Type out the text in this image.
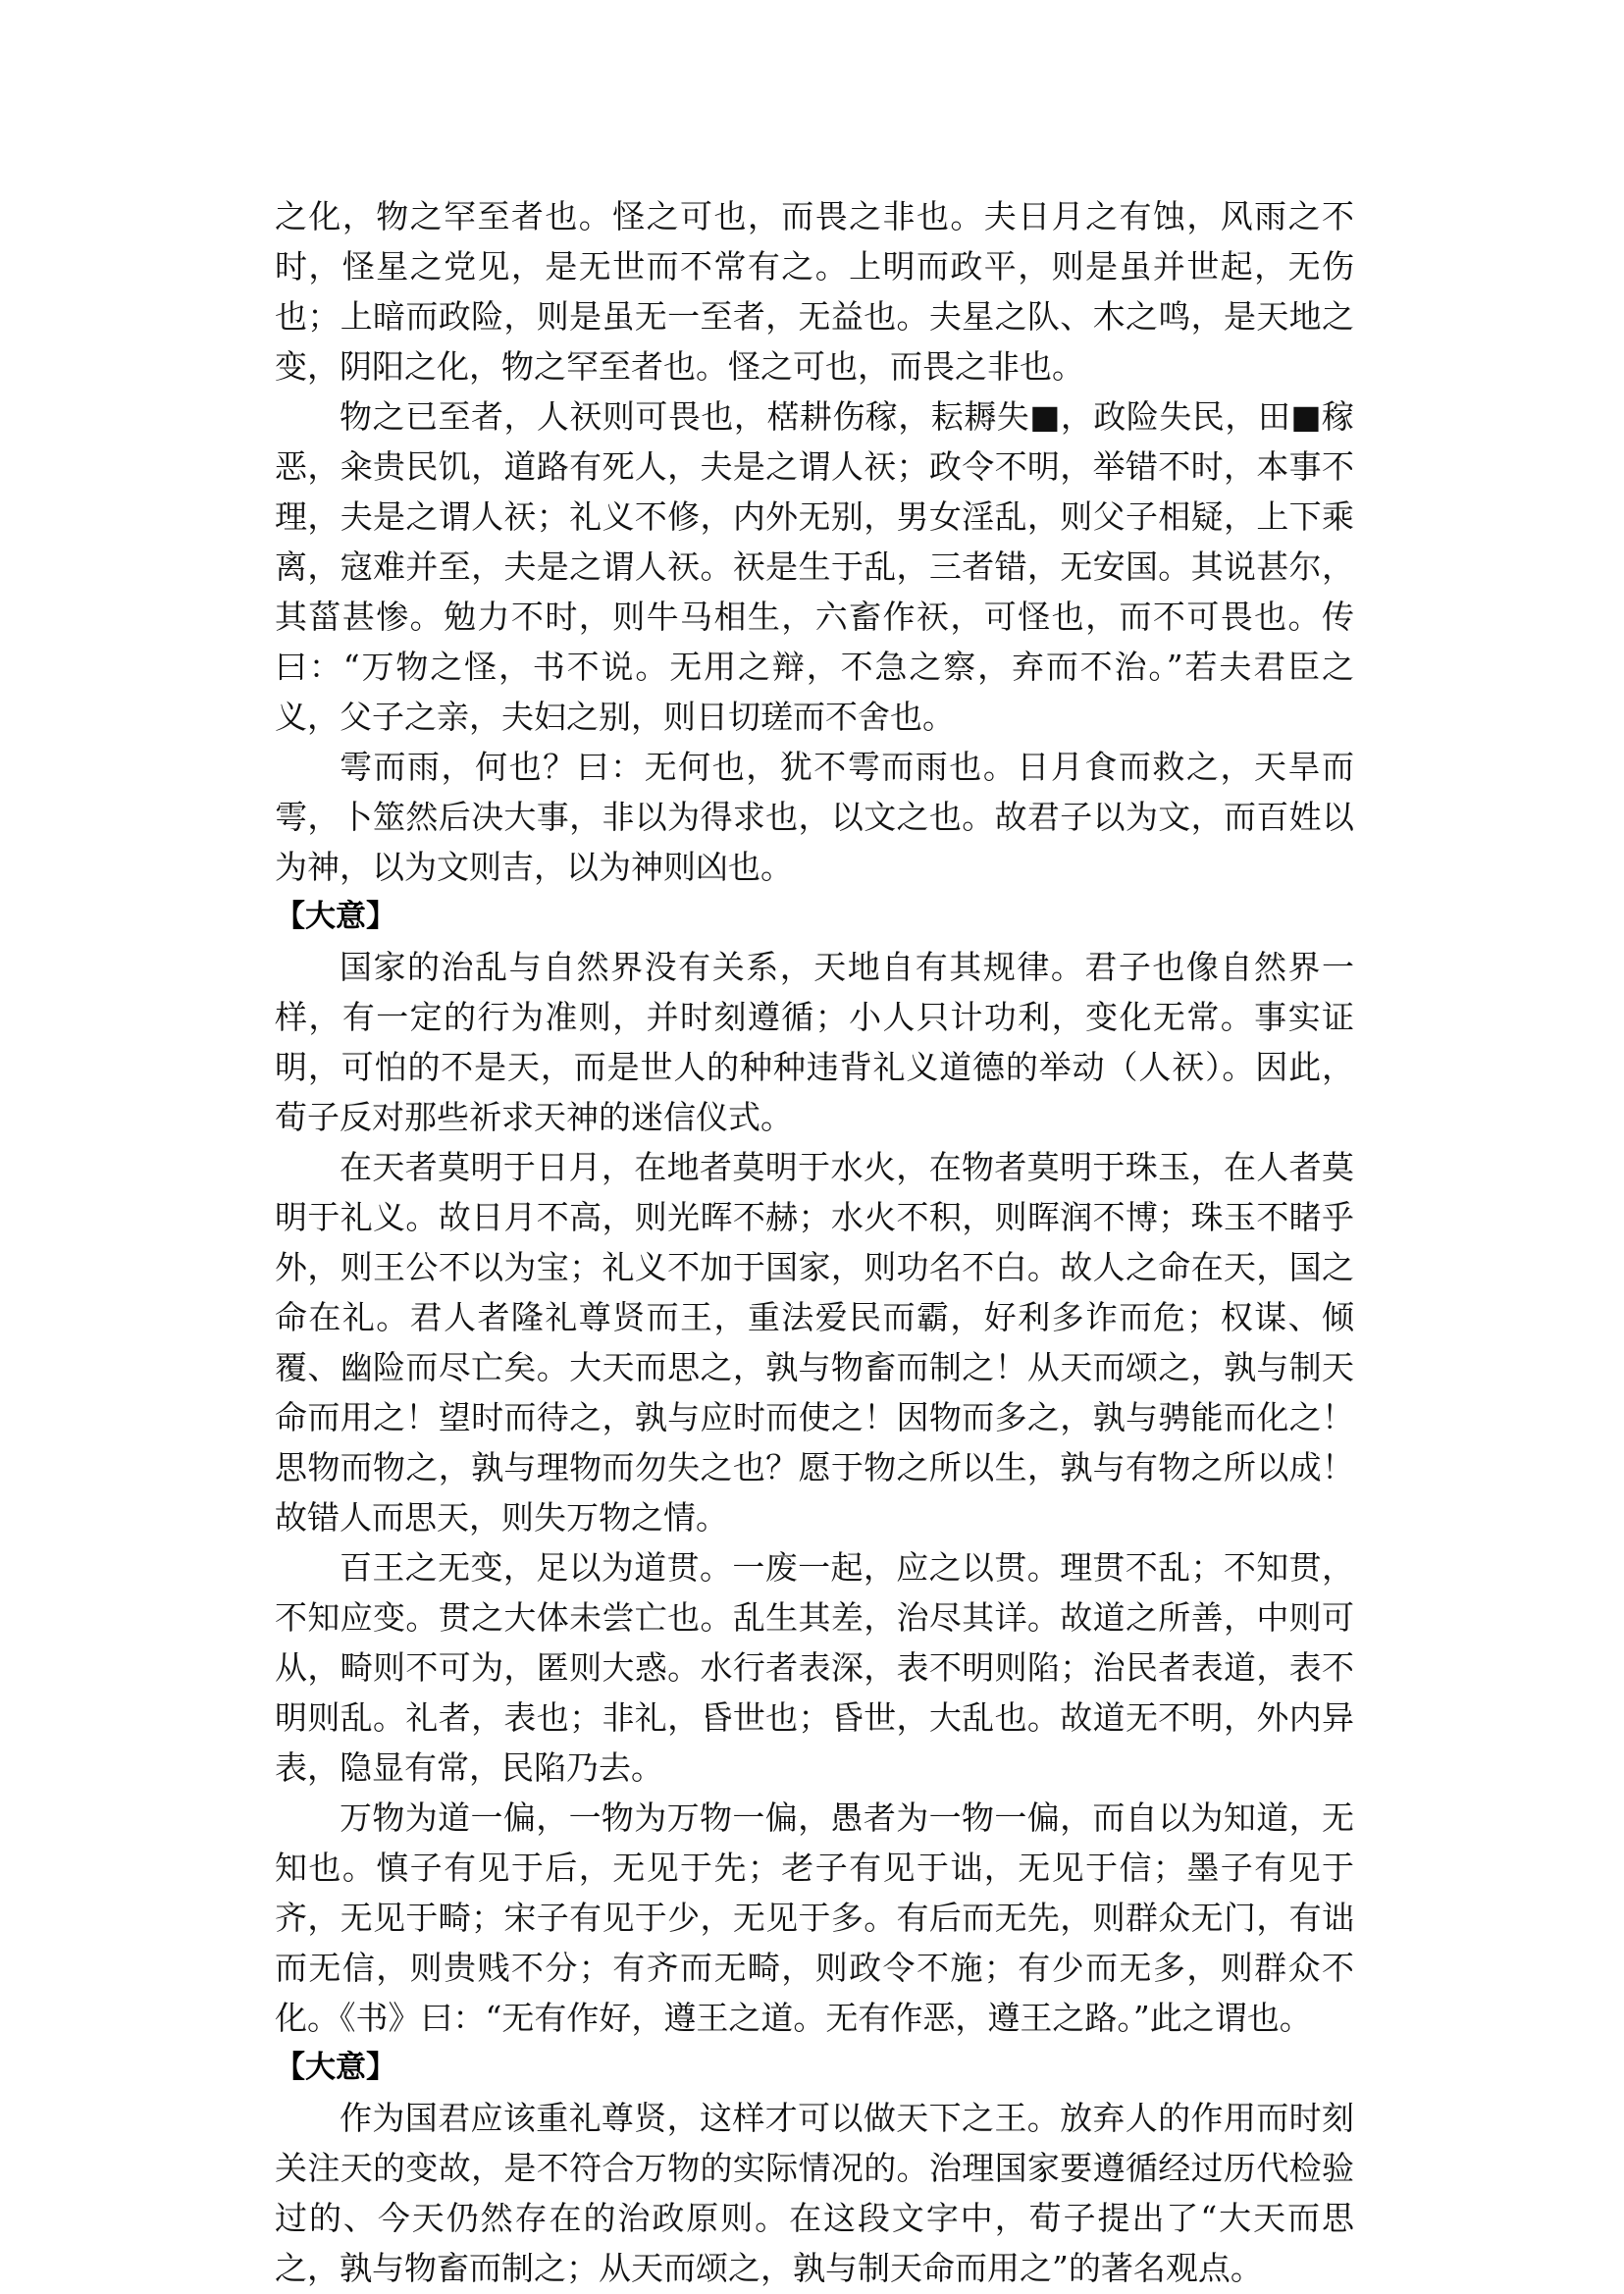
之化，物之罕至者也。怪之可也，而畏之非也。夫日月之有蚀，风雨之不时，怪星之党见，是无世而不常有之。上明而政平，则是虽并世起，无伤也；上暗而政险，则是虽无一至者，无益也。夫星之队、木之鸣，是天地之变，阴阳之化，物之罕至者也。怪之可也，而畏之非也。

物之已至者，人祆则可畏也，楛耕伤稼，耘耨失■，政险失民，田■稼恶，籴贵民饥，道路有死人，夫是之谓人祆；政令不明，举错不时，本事不理，夫是之谓人祆；礼义不修，内外无别，男女淫乱，则父子相疑，上下乘离，寇难并至，夫是之谓人祆。祆是生于乱，三者错，无安国。其说甚尔，其菑甚惨。勉力不时，则牛马相生，六畜作祆，可怪也，而不可畏也。传曰：“万物之怪，书不说。无用之辩，不急之察，弃而不治。”若夫君臣之义，父子之亲，夫妇之别，则日切瑳而不舍也。

雩而雨，何也？曰：无何也，犹不雩而雨也。日月食而救之，天旱而雩，卜筮然后决大事，非以为得求也，以文之也。故君子以为文，而百姓以为神，以为文则吉，以为神则凶也。

【大意】

国家的治乱与自然界没有关系，天地自有其规律。君子也像自然界一样，有一定的行为准则，并时刻遵循；小人只计功利，变化无常。事实证明，可怕的不是天，而是世人的种种违背礼义道德的举动（人祆）。因此，荀子反对那些祈求天神的迷信仪式。

在天者莫明于日月，在地者莫明于水火，在物者莫明于珠玉，在人者莫明于礼义。故日月不高，则光晖不赫；水火不积，则晖润不博；珠玉不睹乎外，则王公不以为宝；礼义不加于国家，则功名不白。故人之命在天，国之命在礼。君人者隆礼尊贤而王，重法爱民而霸，好利多诈而危；权谋、倾覆、幽险而尽亡矣。大天而思之，孰与物畜而制之！从天而颂之，孰与制天命而用之！望时而待之，孰与应时而使之！因物而多之，孰与骋能而化之！思物而物之，孰与理物而勿失之也？愿于物之所以生，孰与有物之所以成！故错人而思天，则失万物之情。

百王之无变，足以为道贯。一废一起，应之以贯。理贯不乱；不知贯，不知应变。贯之大体未尝亡也。乱生其差，治尽其详。故道之所善，中则可从，畸则不可为，匿则大惑。水行者表深，表不明则陷；治民者表道，表不明则乱。礼者，表也；非礼，昏世也；昏世，大乱也。故道无不明，外内异表，隐显有常，民陷乃去。

万物为道一偏，一物为万物一偏，愚者为一物一偏，而自以为知道，无知也。慎子有见于后，无见于先；老子有见于诎，无见于信；墨子有见于齐，无见于畸；宋子有见于少，无见于多。有后而无先，则群众无门，有诎而无信，则贵贱不分；有齐而无畸，则政令不施；有少而无多，则群众不化。《书》曰：“无有作好，遵王之道。无有作恶，遵王之路。”此之谓也。

【大意】

作为国君应该重礼尊贤，这样才可以做天下之王。放弃人的作用而时刻关注天的变故，是不符合万物的实际情况的。治理国家要遵循经过历代检验过的、今天仍然存在的治政原则。在这段文字中，荀子提出了“大天而思之，孰与物畜而制之；从天而颂之，孰与制天命而用之”的著名观点。
